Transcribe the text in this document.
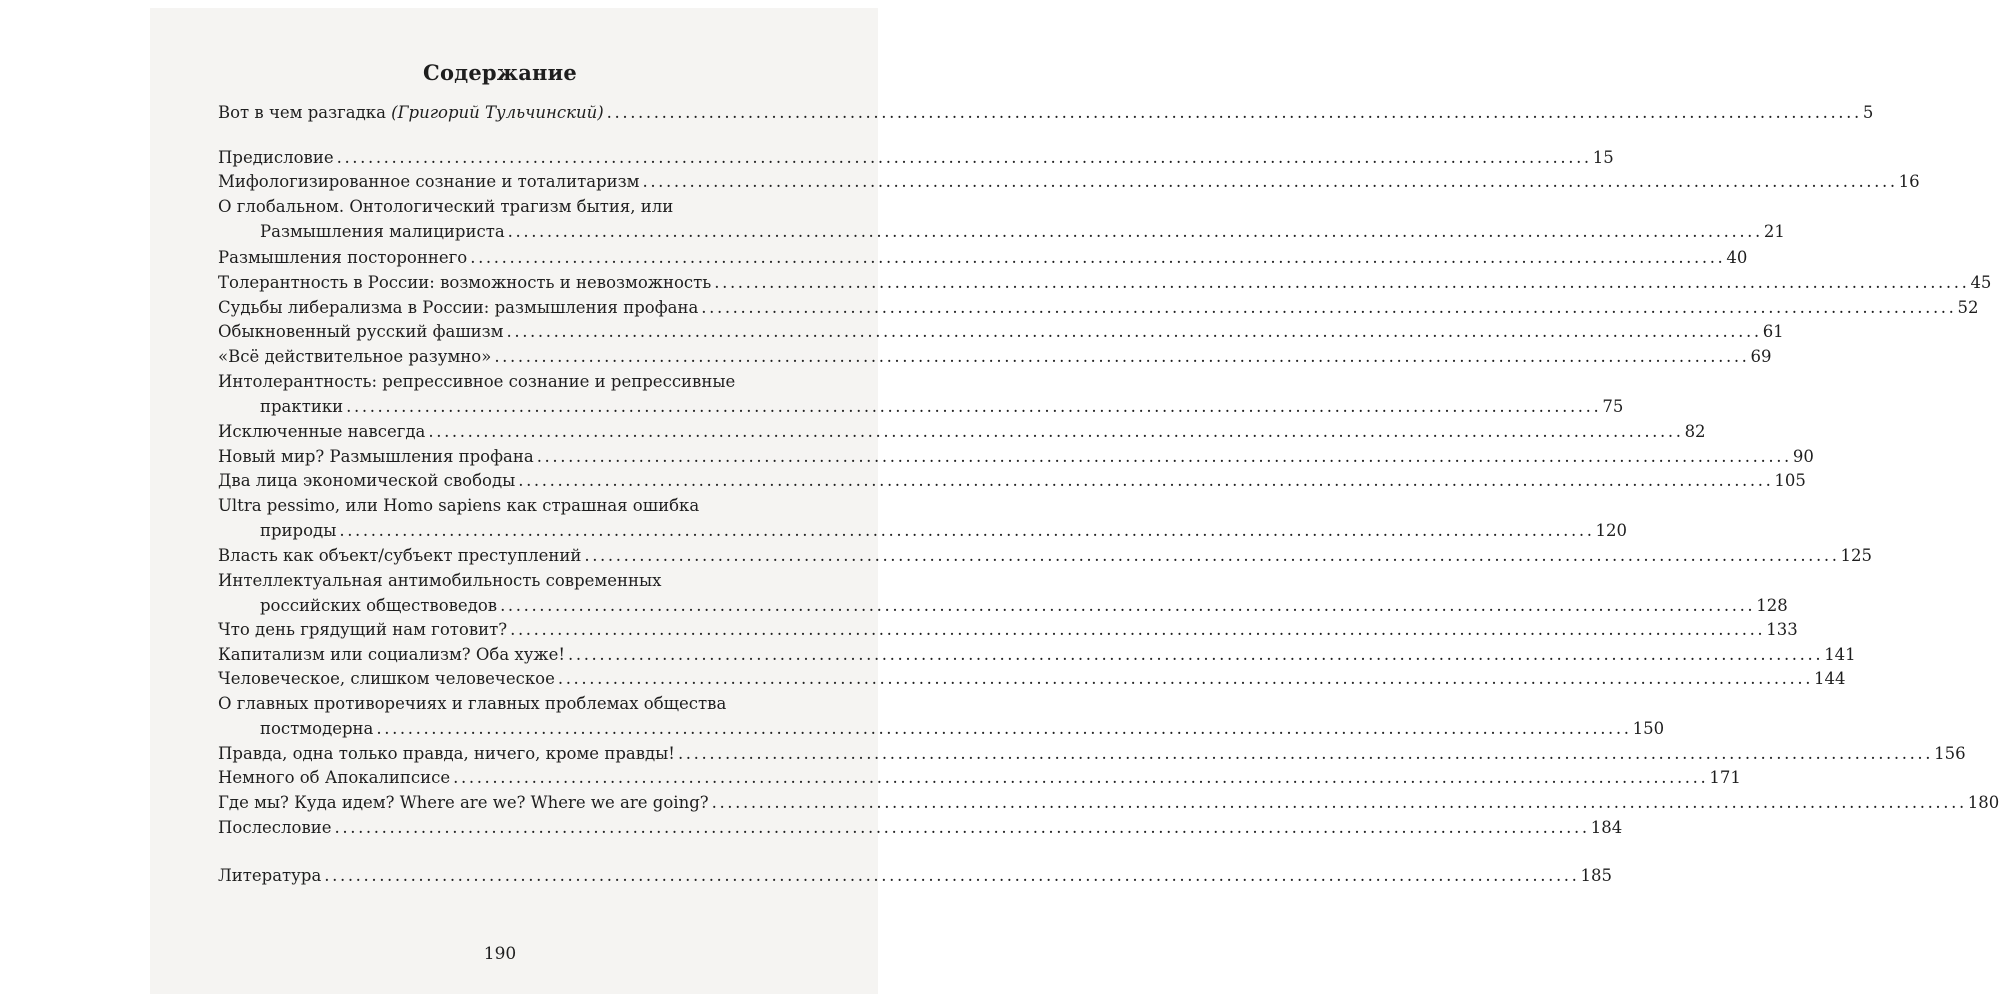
Содержание
Вот в чем разгадка (Григорий Тульчинский) ................................................................................................................................................................ 5
Предисловие ................................................................................................................................................................ 15
Мифологизированное сознание и тоталитаризм ................................................................................................................................................................ 16
О глобальном. Онтологический трагизм бытия, или
Размышления малицириста ................................................................................................................................................................ 21
Размышления постороннего ................................................................................................................................................................ 40
Толерантность в России: возможность и невозможность ................................................................................................................................................................ 45
Судьбы либерализма в России: размышления профана ................................................................................................................................................................ 52
Обыкновенный русский фашизм ................................................................................................................................................................ 61
«Всё действительное разумно» ................................................................................................................................................................ 69
Интолерантность: репрессивное сознание и репрессивные
практики ................................................................................................................................................................ 75
Исключенные навсегда ................................................................................................................................................................ 82
Новый мир? Размышления профана ................................................................................................................................................................ 90
Два лица экономической свободы ................................................................................................................................................................ 105
Ultra pessimo, или Homo sapiens как страшная ошибка
природы ................................................................................................................................................................ 120
Власть как объект/субъект преступлений ................................................................................................................................................................ 125
Интеллектуальная антимобильность современных
российских обществоведов ................................................................................................................................................................ 128
Что день грядущий нам готовит? ................................................................................................................................................................ 133
Капитализм или социализм? Оба хуже! ................................................................................................................................................................ 141
Человеческое, слишком человеческое ................................................................................................................................................................ 144
О главных противоречиях и главных проблемах общества
постмодерна ................................................................................................................................................................ 150
Правда, одна только правда, ничего, кроме правды! ................................................................................................................................................................ 156
Немного об Апокалипсисе ................................................................................................................................................................ 171
Где мы? Куда идем? Where are we? Where we are going? ................................................................................................................................................................ 180
Послесловие ................................................................................................................................................................ 184
Литература ................................................................................................................................................................ 185
190
